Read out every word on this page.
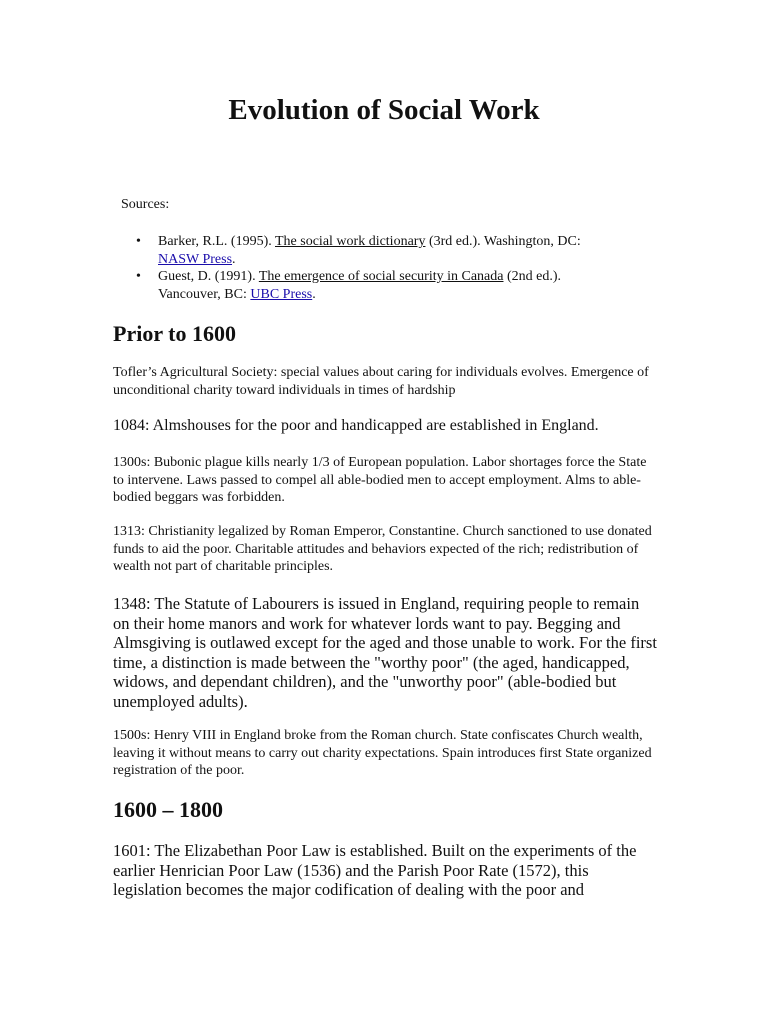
Evolution of Social Work
Sources:
• Barker, R.L. (1995). The social work dictionary (3rd ed.). Washington, DC: NASW Press.
• Guest, D. (1991). The emergence of social security in Canada (2nd ed.). Vancouver, BC: UBC Press.
Prior to 1600

Tofler’s Agricultural Society: special values about caring for individuals evolves. Emergence of unconditional charity toward individuals in times of hardship

1084: Almshouses for the poor and handicapped are established in England.

1300s: Bubonic plague kills nearly 1/3 of European population. Labor shortages force the State to intervene. Laws passed to compel all able-bodied men to accept employment. Alms to able-bodied beggars was forbidden.

1313: Christianity legalized by Roman Emperor, Constantine. Church sanctioned to use donated funds to aid the poor. Charitable attitudes and behaviors expected of the rich; redistribution of wealth not part of charitable principles.

1348: The Statute of Labourers is issued in England, requiring people to remain on their home manors and work for whatever lords want to pay. Begging and Almsgiving is outlawed except for the aged and those unable to work. For the first time, a distinction is made between the "worthy poor" (the aged, handicapped, widows, and dependant children), and the "unworthy poor" (able-bodied but unemployed adults).

1500s: Henry VIII in England broke from the Roman church. State confiscates Church wealth, leaving it without means to carry out charity expectations. Spain introduces first State organized registration of the poor.

1600 – 1800

1601: The Elizabethan Poor Law is established. Built on the experiments of the earlier Henrician Poor Law (1536) and the Parish Poor Rate (1572), this legislation becomes the major codification of dealing with the poor and
